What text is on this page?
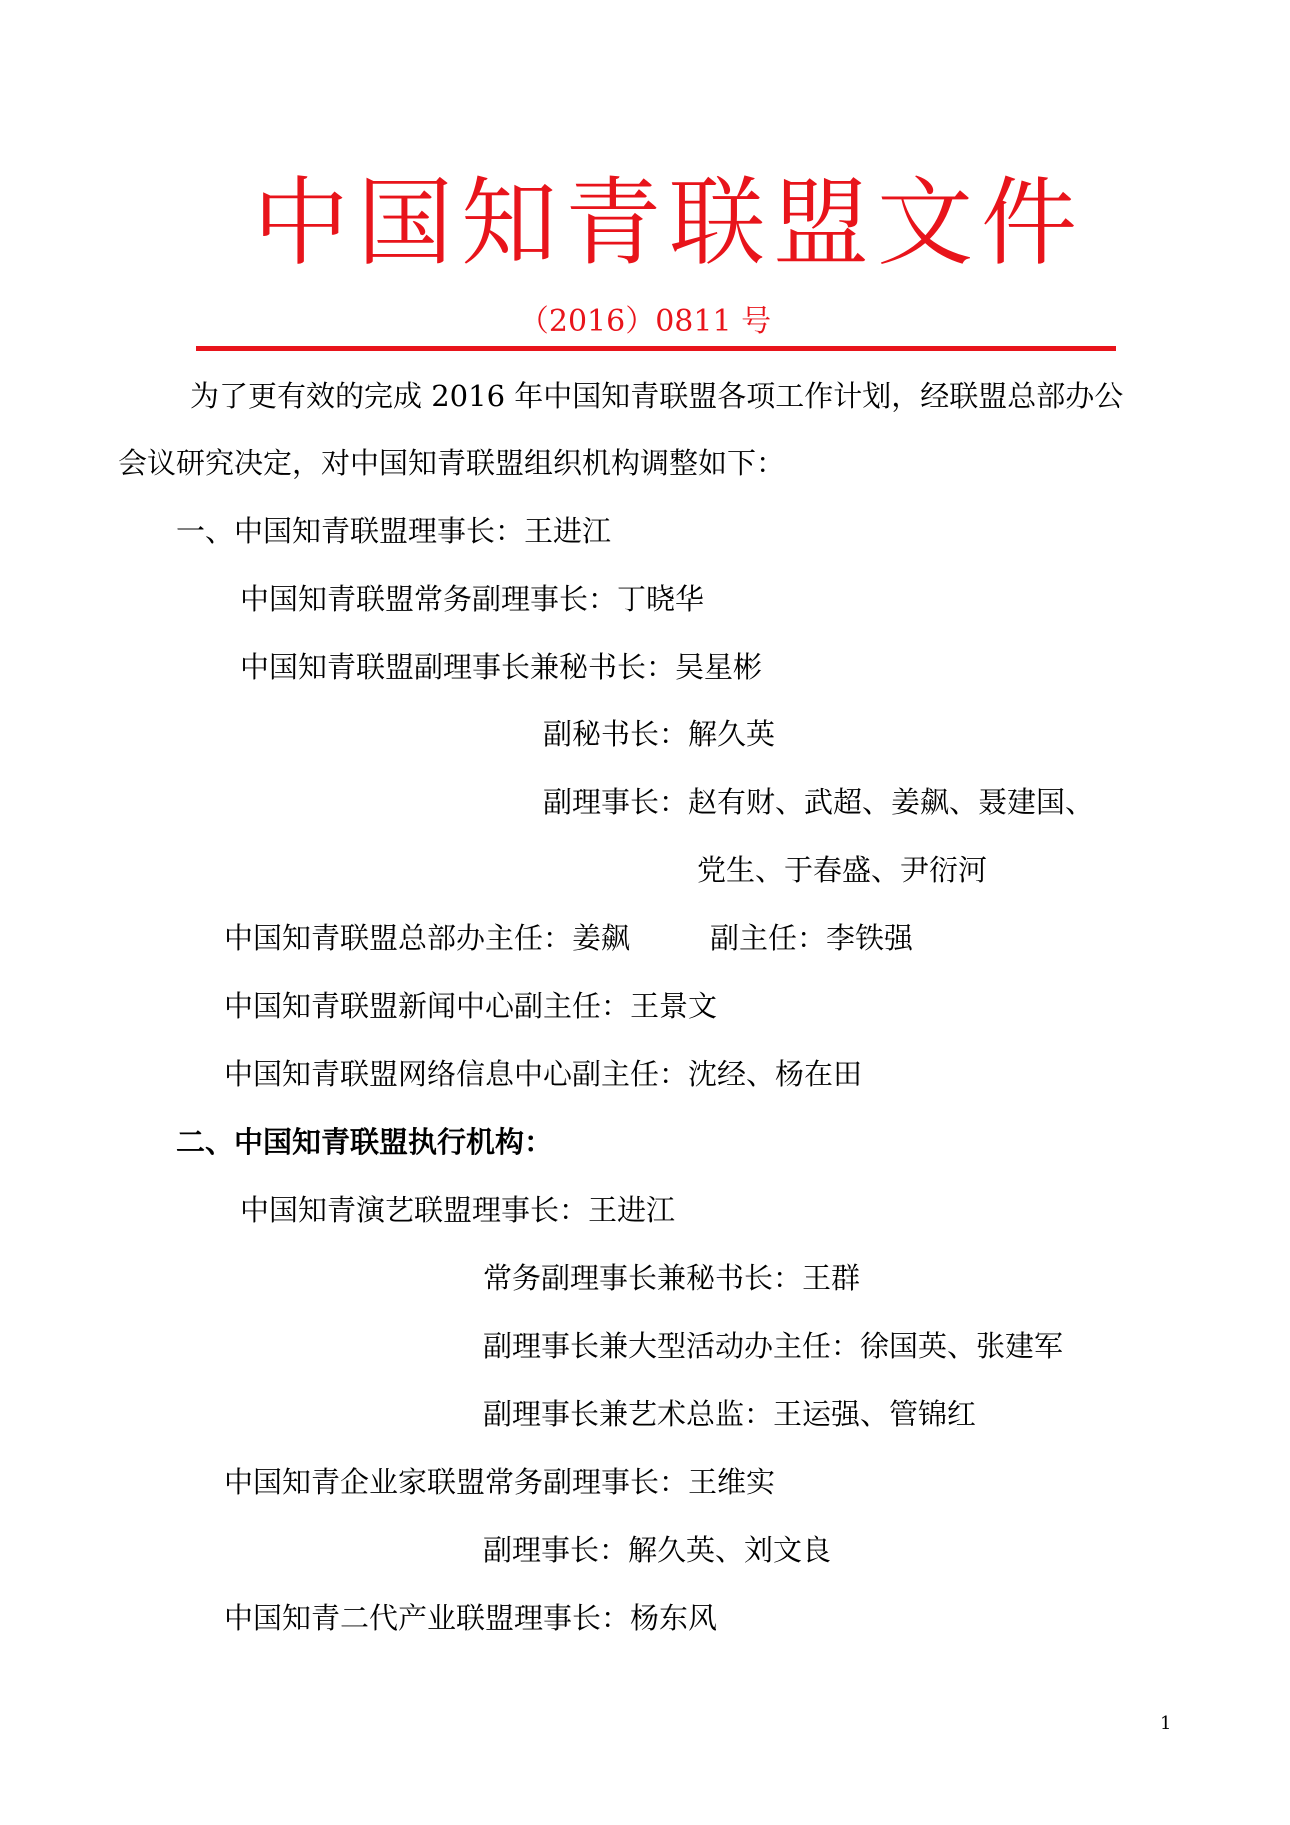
中国知青联盟文件
（2016）0811 号
为了更有效的完成 2016 年中国知青联盟各项工作计划，经联盟总部办公
会议研究决定，对中国知青联盟组织机构调整如下：
一、中国知青联盟理事长：王进江
中国知青联盟常务副理事长：丁晓华
中国知青联盟副理事长兼秘书长：吴星彬
副秘书长：解久英
副理事长：赵有财、武超、姜飙、聂建国、
党生、于春盛、尹衍河
中国知青联盟总部办主任：姜飙	副主任：李铁强
中国知青联盟新闻中心副主任：王景文
中国知青联盟网络信息中心副主任：沈经、杨在田
二、中国知青联盟执行机构：
中国知青演艺联盟理事长：王进江
常务副理事长兼秘书长：王群
副理事长兼大型活动办主任：徐国英、张建军
副理事长兼艺术总监：王运强、管锦红
中国知青企业家联盟常务副理事长：王维实
副理事长：解久英、刘文良
中国知青二代产业联盟理事长：杨东风
1
